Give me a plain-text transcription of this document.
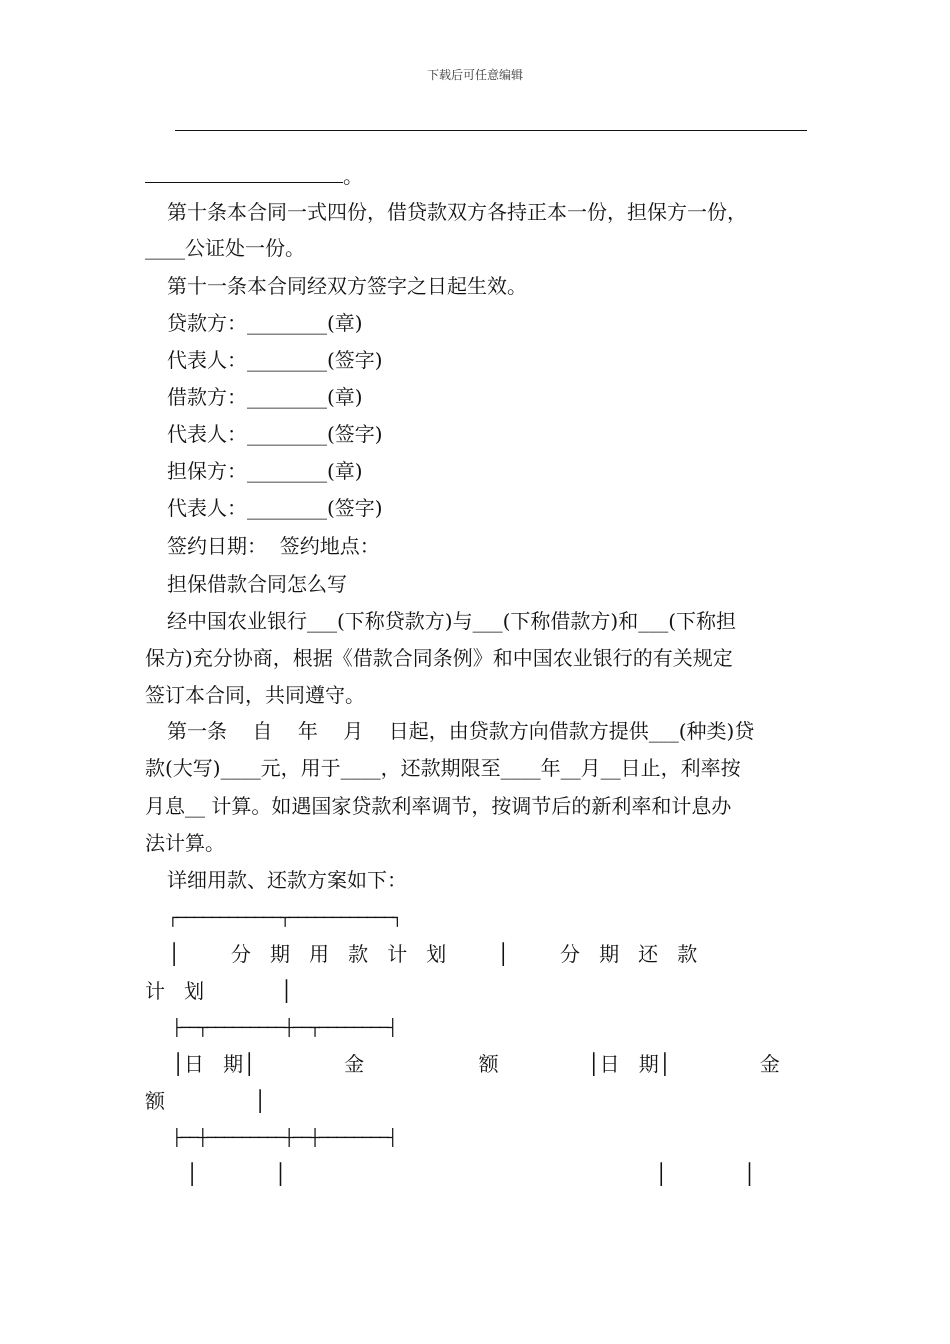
下载后可任意编辑
。
第十条本合同一式四份，借贷款双方各持正本一份，担保方一份，
____公证处一份。
第十一条本合同经双方签字之日起生效。
贷款方：________(章)
代表人：________(签字)
借款方：________(章)
代表人：________(签字)
担保方：________(章)
代表人：________(签字)
签约日期：  签约地点：
担保借款合同怎么写
经中国农业银行___(下称贷款方)与___(下称借款方)和___(下称担
保方)充分协商，根据《借款合同条例》和中国农业银行的有关规定
签订本合同，共同遵守。
第一条    自    年    月    日起，由贷款方向借款方提供___(种类)贷
款(大写)____元，用于____，还款期限至____年__月__日止，利率按
月息__ 计算。如遇国家贷款利率调节，按调节后的新利率和计息办
法计算。
详细用款、还款方案如下：
┌────────────┬────────────┐
│        分   期   用   款   计   划        │        分   期   还   款
计   划            │
├──┬─────────┼──┬────────┤
│日   期│              金                  额              │日   期│              金
额              │
├──┼─────────┼──┼────────┤
│            │                                                          │            │
